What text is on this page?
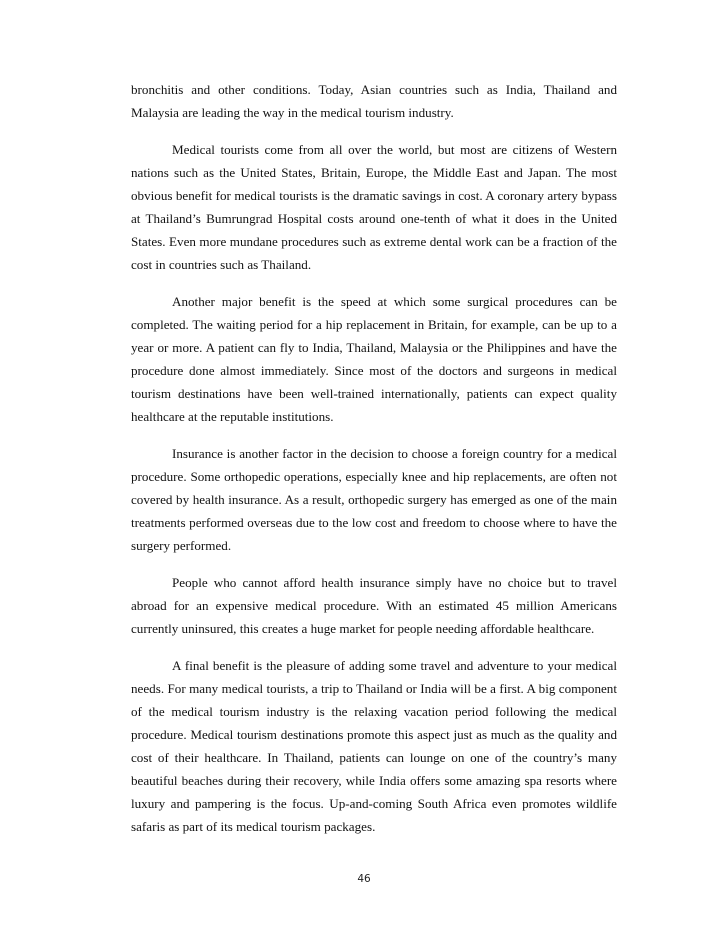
bronchitis and other conditions. Today, Asian countries such as India, Thailand and Malaysia are leading the way in the medical tourism industry.

Medical tourists come from all over the world, but most are citizens of Western nations such as the United States, Britain, Europe, the Middle East and Japan. The most obvious benefit for medical tourists is the dramatic savings in cost. A coronary artery bypass at Thailand’s Bumrungrad Hospital costs around one-tenth of what it does in the United States. Even more mundane procedures such as extreme dental work can be a fraction of the cost in countries such as Thailand.

Another major benefit is the speed at which some surgical procedures can be completed. The waiting period for a hip replacement in Britain, for example, can be up to a year or more. A patient can fly to India, Thailand, Malaysia or the Philippines and have the procedure done almost immediately. Since most of the doctors and surgeons in medical tourism destinations have been well-trained internationally, patients can expect quality healthcare at the reputable institutions.

Insurance is another factor in the decision to choose a foreign country for a medical procedure. Some orthopedic operations, especially knee and hip replacements, are often not covered by health insurance. As a result, orthopedic surgery has emerged as one of the main treatments performed overseas due to the low cost and freedom to choose where to have the surgery performed.

People who cannot afford health insurance simply have no choice but to travel abroad for an expensive medical procedure. With an estimated 45 million Americans currently uninsured, this creates a huge market for people needing affordable healthcare.

A final benefit is the pleasure of adding some travel and adventure to your medical needs. For many medical tourists, a trip to Thailand or India will be a first. A big component of the medical tourism industry is the relaxing vacation period following the medical procedure. Medical tourism destinations promote this aspect just as much as the quality and cost of their healthcare. In Thailand, patients can lounge on one of the country’s many beautiful beaches during their recovery, while India offers some amazing spa resorts where luxury and pampering is the focus. Up-and-coming South Africa even promotes wildlife safaris as part of its medical tourism packages.

46
